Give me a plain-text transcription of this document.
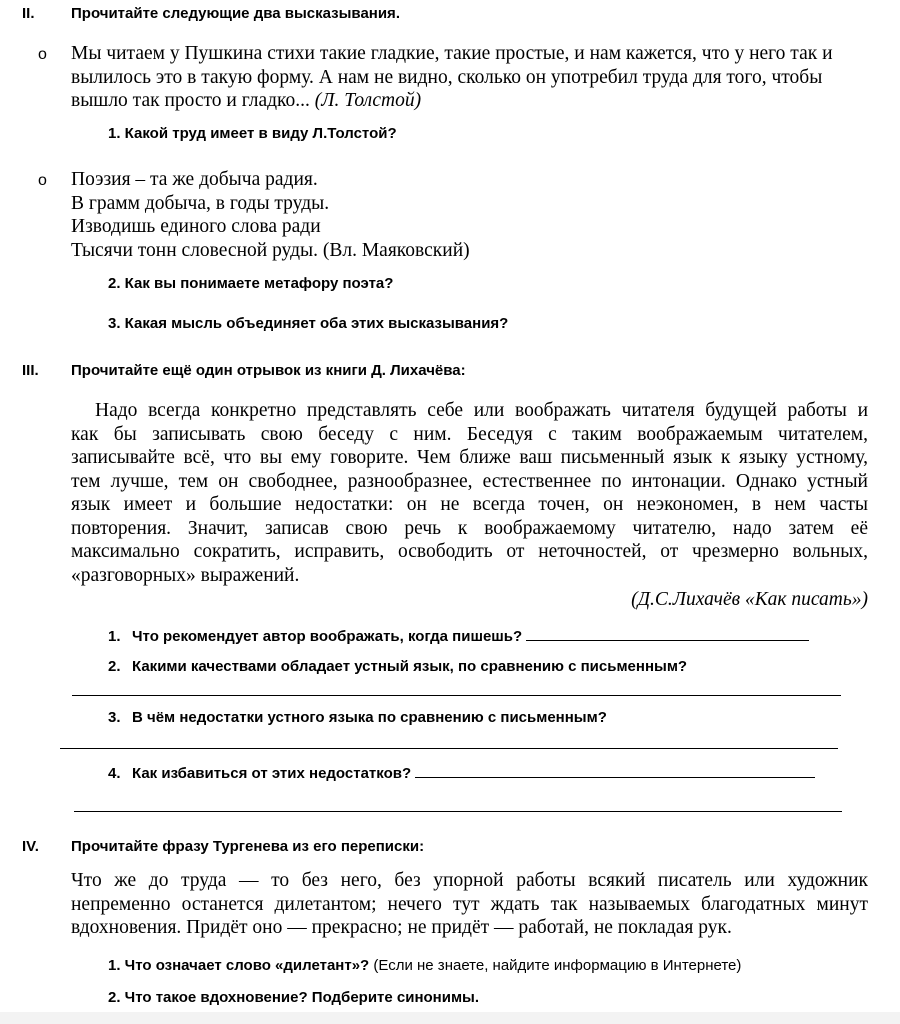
II. Прочитайте следующие два высказывания.
o Мы читаем у Пушкина стихи такие гладкие, такие простые, и нам кажется, что у него так и
вылилось это в такую форму. А нам не видно, сколько он употребил труда для того, чтобы
вышло так просто и гладко... (Л. Толстой)
1. Какой труд имеет в виду Л.Толстой?
o Поэзия – та же добыча радия.
В грамм добыча, в годы труды.
Изводишь единого слова ради
Тысячи тонн словесной руды. (Вл. Маяковский)
2. Как вы понимаете метафору поэта?
3. Какая мысль объединяет оба этих высказывания?
III. Прочитайте ещё один отрывок из книги Д. Лихачёва:
Надо всегда конкретно представлять себе или воображать читателя будущей работы и
как бы записывать свою беседу с ним. Беседуя с таким воображаемым читателем,
записывайте всё, что вы ему говорите. Чем ближе ваш письменный язык к языку устному,
тем лучше, тем он свободнее, разнообразнее, естественнее по интонации. Однако устный
язык имеет и большие недостатки: он не всегда точен, он неэкономен, в нем часты
повторения. Значит, записав свою речь к воображаемому читателю, надо затем её
максимально сократить, исправить, освободить от неточностей, от чрезмерно вольных,
«разговорных» выражений.
(Д.С.Лихачёв «Как писать»)
1. Что рекомендует автор воображать, когда пишешь?
2. Какими качествами обладает устный язык, по сравнению с письменным?
3. В чём недостатки устного языка по сравнению с письменным?
4. Как избавиться от этих недостатков?
IV. Прочитайте фразу Тургенева из его переписки:
Что же до труда — то без него, без упорной работы всякий писатель или художник
непременно останется дилетантом; нечего тут ждать так называемых благодатных минут
вдохновения. Придёт оно — прекрасно; не придёт — работай, не покладая рук.
1. Что означает слово «дилетант»? (Если не знаете, найдите информацию в Интернете)
2. Что такое вдохновение? Подберите синонимы.
